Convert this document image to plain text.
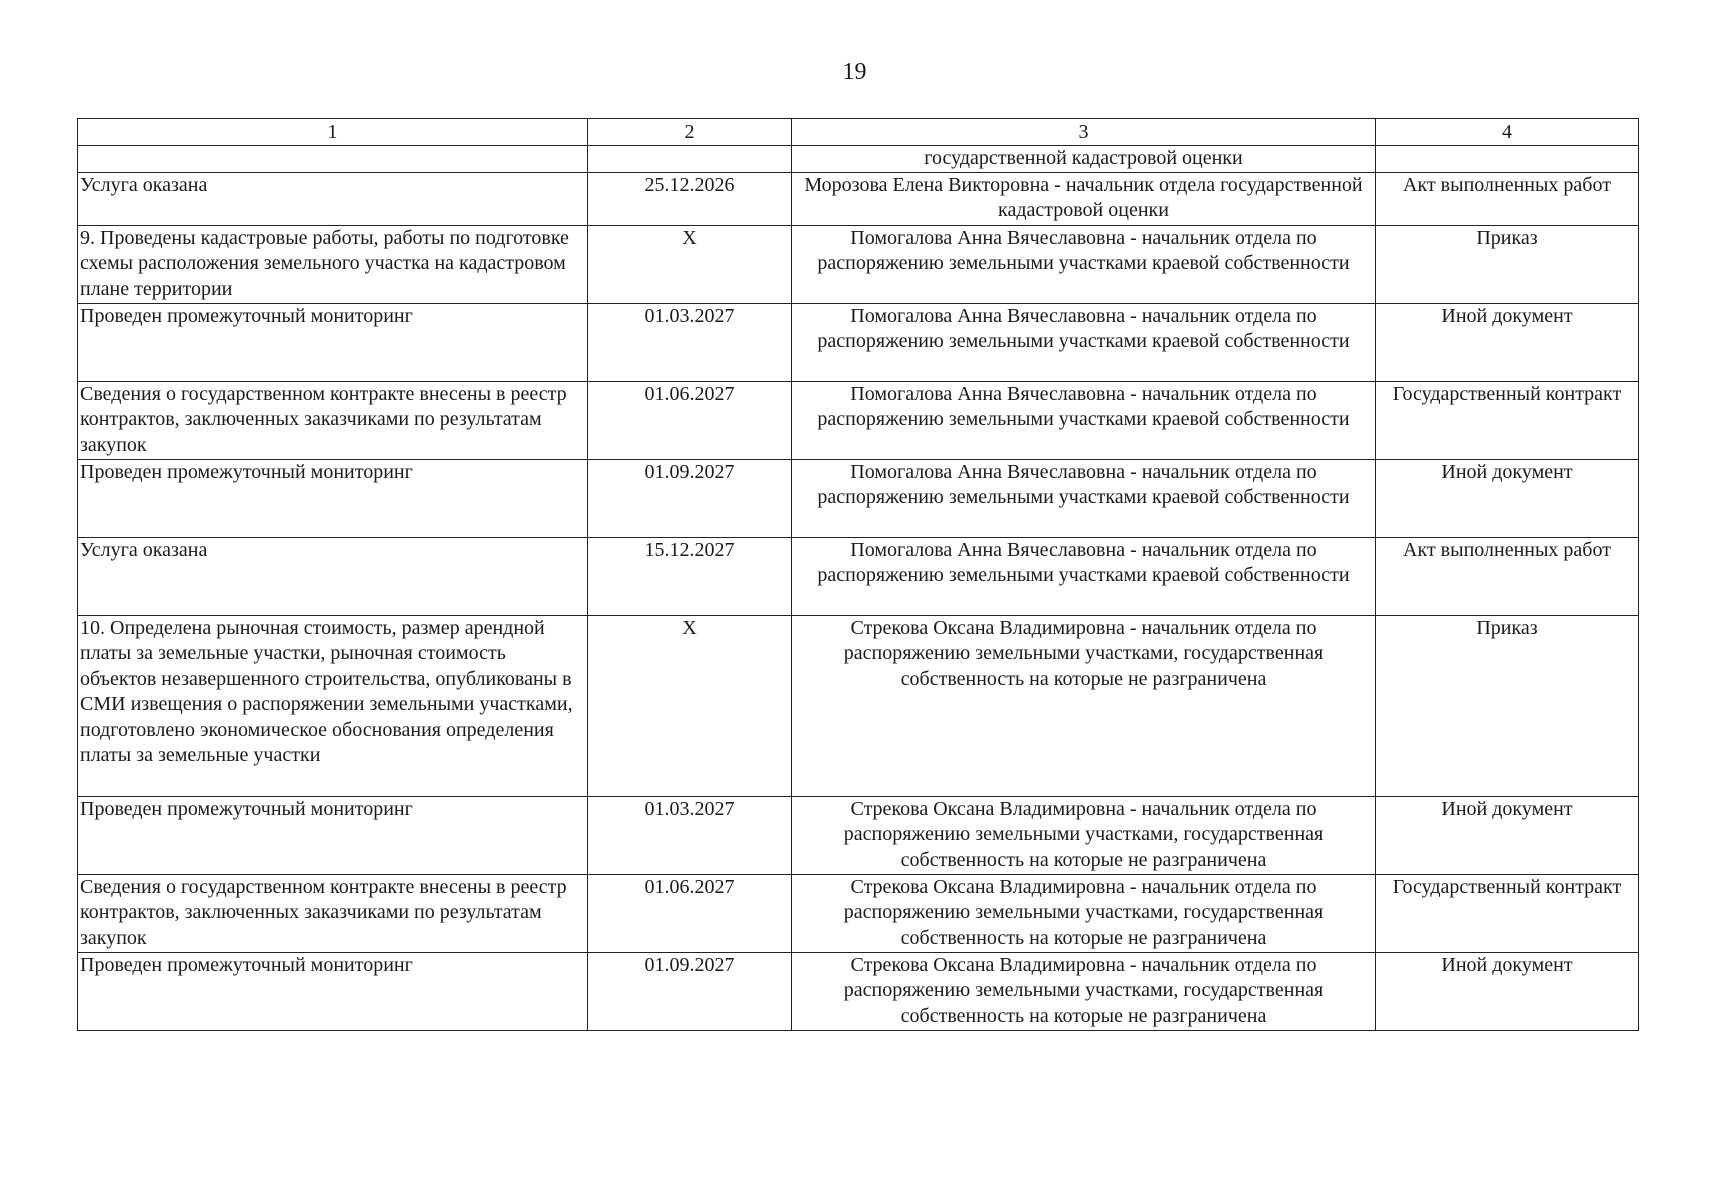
19
1	2	3	4
		государственной кадастровой оценки	
Услуга оказана	25.12.2026	Морозова Елена Викторовна - начальник отдела государственной кадастровой оценки	Акт выполненных работ
9. Проведены кадастровые работы, работы по подготовке схемы расположения земельного участка на кадастровом плане территории	Х	Помогалова Анна Вячеславовна - начальник отдела по распоряжению земельными участками краевой собственности	Приказ
Проведен промежуточный мониторинг	01.03.2027	Помогалова Анна Вячеславовна - начальник отдела по распоряжению земельными участками краевой собственности	Иной документ
Сведения о государственном контракте внесены в реестр контрактов, заключенных заказчиками по результатам закупок	01.06.2027	Помогалова Анна Вячеславовна - начальник отдела по распоряжению земельными участками краевой собственности	Государственный контракт
Проведен промежуточный мониторинг	01.09.2027	Помогалова Анна Вячеславовна - начальник отдела по распоряжению земельными участками краевой собственности	Иной документ
Услуга оказана	15.12.2027	Помогалова Анна Вячеславовна - начальник отдела по распоряжению земельными участками краевой собственности	Акт выполненных работ
10. Определена рыночная стоимость, размер арендной платы за земельные участки, рыночная стоимость объектов незавершенного строительства, опубликованы в СМИ извещения о распоряжении земельными участками, подготовлено экономическое обоснования определения платы за земельные участки	Х	Стрекова Оксана Владимировна - начальник отдела по распоряжению земельными участками, государственная собственность на которые не разграничена	Приказ
Проведен промежуточный мониторинг	01.03.2027	Стрекова Оксана Владимировна - начальник отдела по распоряжению земельными участками, государственная собственность на которые не разграничена	Иной документ
Сведения о государственном контракте внесены в реестр контрактов, заключенных заказчиками по результатам закупок	01.06.2027	Стрекова Оксана Владимировна - начальник отдела по распоряжению земельными участками, государственная собственность на которые не разграничена	Государственный контракт
Проведен промежуточный мониторинг	01.09.2027	Стрекова Оксана Владимировна - начальник отдела по распоряжению земельными участками, государственная собственность на которые не разграничена	Иной документ
